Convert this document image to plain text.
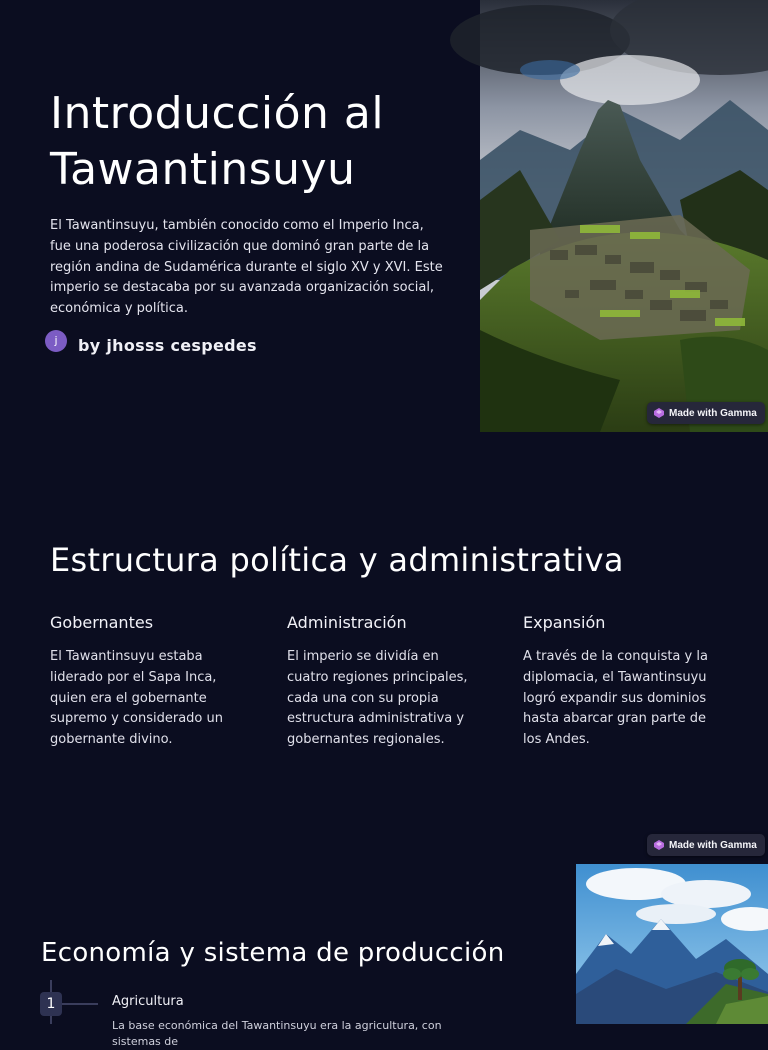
Introducción al Tawantinsuyu

El Tawantinsuyu, también conocido como el Imperio Inca, fue una poderosa civilización que dominó gran parte de la región andina de Sudamérica durante el siglo XV y XVI. Este imperio se destacaba por su avanzada organización social, económica y política.

j	by jhosss cespedes
Made with Gamma
Estructura política y administrativa
Gobernantes

El Tawantinsuyu estaba liderado por el Sapa Inca, quien era el gobernante supremo y considerado un gobernante divino.

Administración

El imperio se dividía en cuatro regiones principales, cada una con su propia estructura administrativa y gobernantes regionales.

Expansión

A través de la conquista y la diplomacia, el Tawantinsuyu logró expandir sus dominios hasta abarcar gran parte de los Andes.

Made with Gamma
Economía y sistema de producción
1	Agricultura
La base económica del Tawantinsuyu era la agricultura, con sistemas de
